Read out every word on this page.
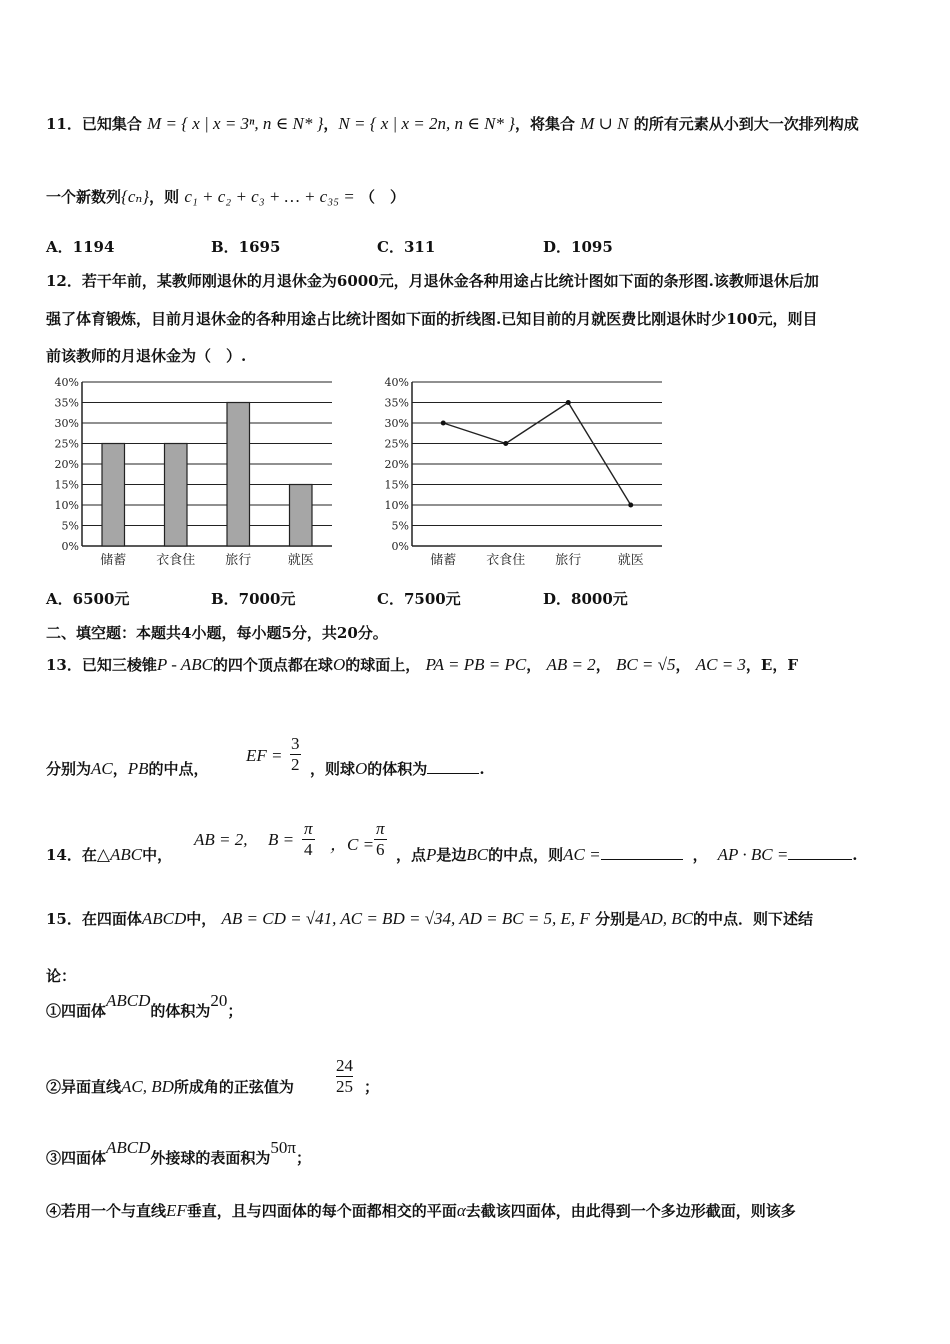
11．已知集合 M = { x | x = 3ⁿ, n ∈ N* }，N = { x | x = 2n, n ∈ N* }，将集合 M ∪ N 的所有元素从小到大一次排列构成
一个新数列{cₙ}，则 c₁ + c₂ + c₃ + … + c₃₅ = （　）
A．1194	B．1695	C．311	D．1095
12．若干年前，某教师刚退休的月退休金为6000元，月退休金各种用途占比统计图如下面的条形图.该教师退休后加
强了体育锻炼，目前月退休金的各种用途占比统计图如下面的折线图.已知目前的月就医费比刚退休时少100元，则目
前该教师的月退休金为（　）.
0%
5%
10%
15%
20%
25%
30%
35%
40%
储蓄 衣食住 旅行	就医
0%
5%
10%
15%
20%
25%
30%
35%
40%
储蓄 衣食住 旅行	就医
A．6500元	B．7000元	C．7500元	D．8000元
二、填空题：本题共4小题，每小题5分，共20分。
13．已知三棱锥P - ABC的四个顶点都在球O的球面上， PA = PB = PC， AB = 2， BC = √5， AC = 3，E，F
分别为AC，PB的中点，
EF = $\frac{3}{2}$ ，则球O的体积为	.
14．在△ABC中，
AB = 2, $B = \frac{\pi}{4}$ ，$C = \frac{\pi}{6}$ ，点P是边BC的中点，则AC =	， AP · BC =	.
15．在四面体ABCD中， AB = CD = √41, AC = BD = √34, AD = BC = 5, E, F 分别是AD, BC的中点．则下述结
论：
①四面体ABCD的体积为20；
②异面直线AC, BD所成角的正弦值为 $\frac{24}{25}$ ；
③四面体ABCD外接球的表面积为50π；
④若用一个与直线EF垂直，且与四面体的每个面都相交的平面α去截该四面体，由此得到一个多边形截面，则该多
